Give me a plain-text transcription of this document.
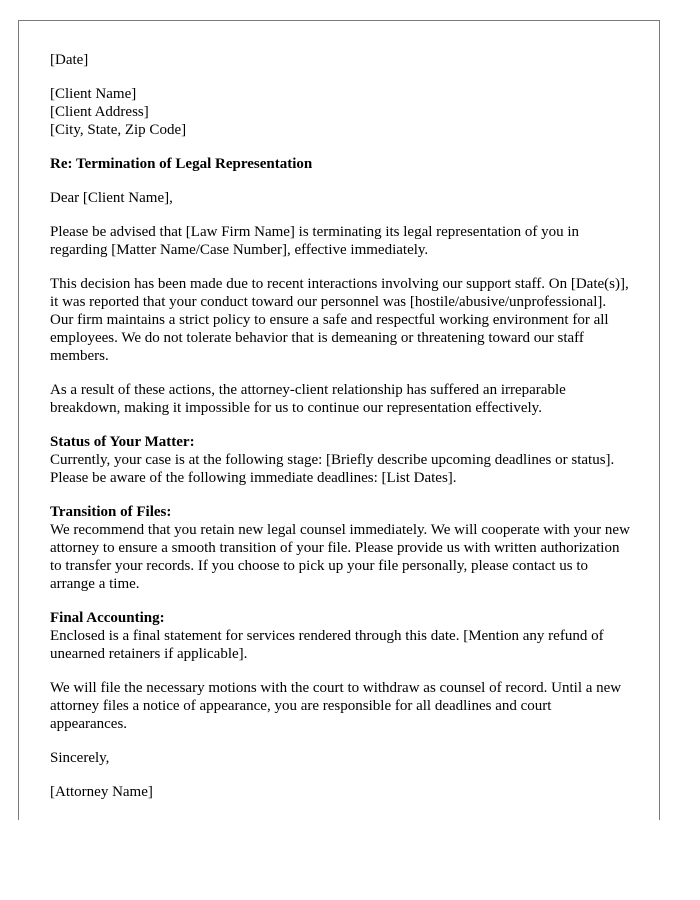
[Date]

[Client Name]
[Client Address]
[City, State, Zip Code]

Re: Termination of Legal Representation

Dear [Client Name],

Please be advised that [Law Firm Name] is terminating its legal representation of you in regarding [Matter Name/Case Number], effective immediately.

This decision has been made due to recent interactions involving our support staff. On [Date(s)], it was reported that your conduct toward our personnel was [hostile/abusive/unprofessional]. Our firm maintains a strict policy to ensure a safe and respectful working environment for all employees. We do not tolerate behavior that is demeaning or threatening toward our staff members.

As a result of these actions, the attorney-client relationship has suffered an irreparable breakdown, making it impossible for us to continue our representation effectively.

Status of Your Matter:
Currently, your case is at the following stage: [Briefly describe upcoming deadlines or status]. Please be aware of the following immediate deadlines: [List Dates].
Transition of Files:
We recommend that you retain new legal counsel immediately. We will cooperate with your new attorney to ensure a smooth transition of your file. Please provide us with written authorization to transfer your records. If you choose to pick up your file personally, please contact us to arrange a time.
Final Accounting:
Enclosed is a final statement for services rendered through this date. [Mention any refund of unearned retainers if applicable].

We will file the necessary motions with the court to withdraw as counsel of record. Until a new attorney files a notice of appearance, you are responsible for all deadlines and court appearances.

Sincerely,

[Attorney Name]
